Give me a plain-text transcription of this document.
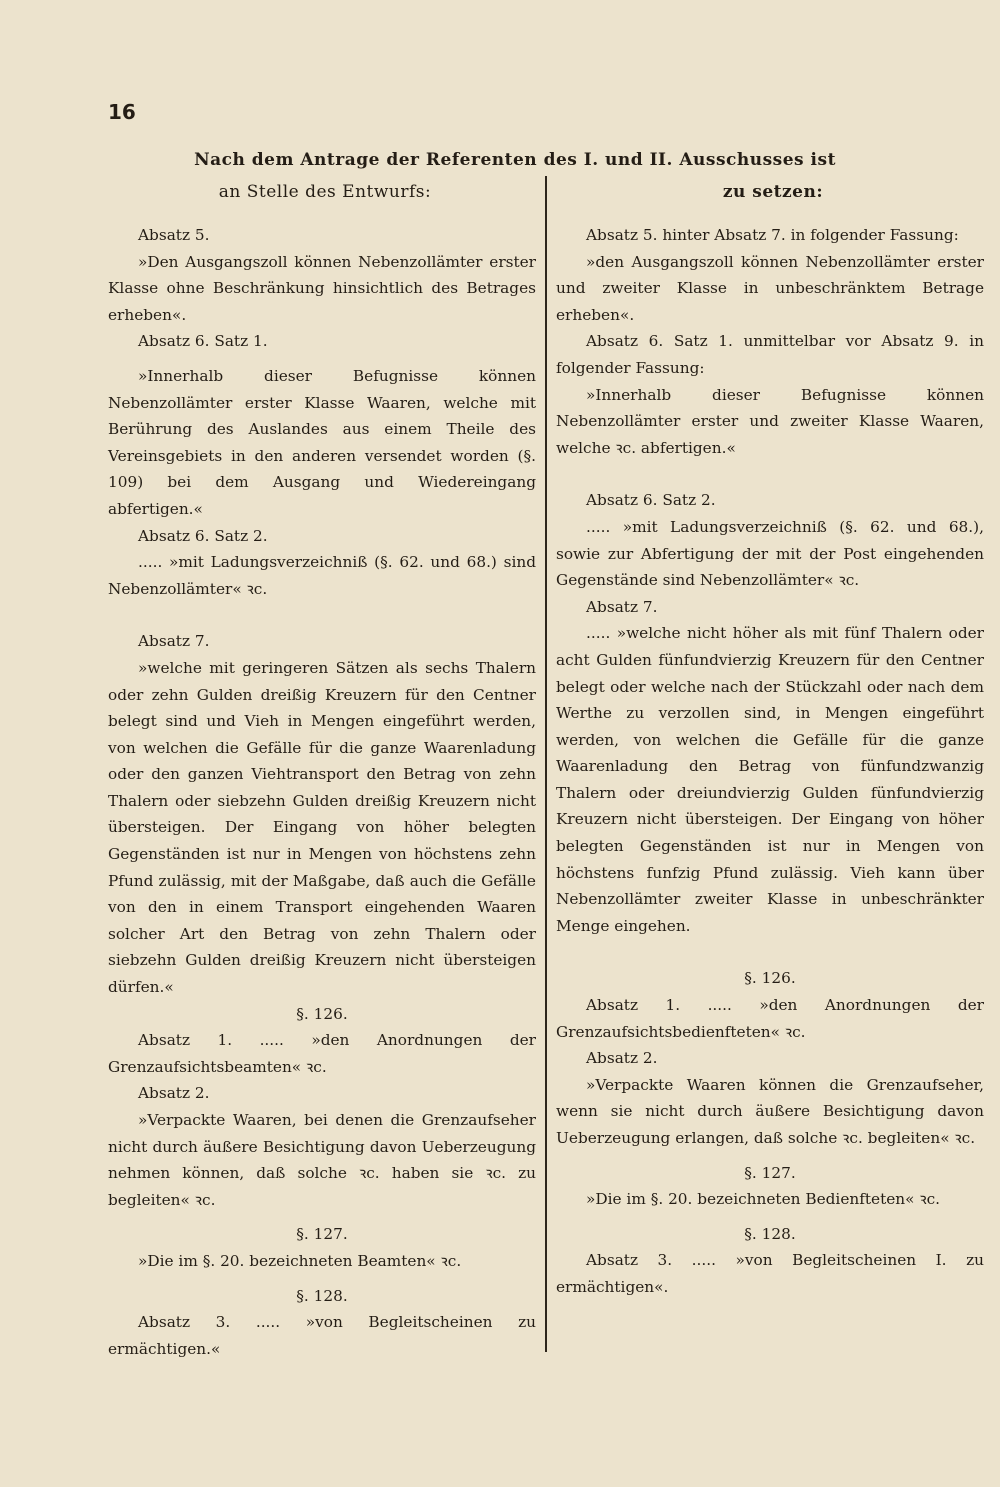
16
Nach dem Antrage der Referenten des I. und II. Ausschusses ist
an Stelle des Entwurfs:	zu setzen:

Absatz 5.

»Den Ausgangszoll können Nebenzollämter erster Klasse ohne Beschränkung hinsichtlich des Betrages erheben«.

Absatz 6. Satz 1.

»Innerhalb dieser Befugnisse können Nebenzollämter erster Klasse Waaren, welche mit Berührung des Auslandes aus einem Theile des Vereinsgebiets in den anderen versendet worden (§. 109) bei dem Ausgang und Wiedereingang abfertigen.«

Absatz 6. Satz 2.

..... »mit Ladungsverzeichniß (§. 62. und 68.) sind Nebenzollämter« ꝛc.

Absatz 7.

»welche mit geringeren Sätzen als sechs Thalern oder zehn Gulden dreißig Kreuzern für den Centner belegt sind und Vieh in Mengen eingeführt werden, von welchen die Gefälle für die ganze Waarenladung oder den ganzen Viehtransport den Betrag von zehn Thalern oder siebzehn Gulden dreißig Kreuzern nicht übersteigen. Der Eingang von höher belegten Gegenständen ist nur in Mengen von höchstens zehn Pfund zulässig, mit der Maßgabe, daß auch die Gefälle von den in einem Transport eingehenden Waaren solcher Art den Betrag von zehn Thalern oder siebzehn Gulden dreißig Kreuzern nicht übersteigen dürfen.«

§. 126.

Absatz 1. ..... »den Anordnungen der Grenzaufsichtsbeamten« ꝛc.

Absatz 2.

»Verpackte Waaren, bei denen die Grenzaufseher nicht durch äußere Besichtigung davon Ueberzeugung nehmen können, daß solche ꝛc. haben sie ꝛc. zu begleiten« ꝛc.

§. 127.

»Die im §. 20. bezeichneten Beamten« ꝛc.

§. 128.

Absatz 3. ..... »von Begleitscheinen zu ermächtigen.«

Absatz 5. hinter Absatz 7. in folgender Fassung:

»den Ausgangszoll können Nebenzollämter erster und zweiter Klasse in unbeschränktem Betrage erheben«.

Absatz 6. Satz 1. unmittelbar vor Absatz 9. in folgender Fassung:

»Innerhalb dieser Befugnisse können Nebenzollämter erster und zweiter Klasse Waaren, welche ꝛc. abfertigen.«

Absatz 6. Satz 2.

..... »mit Ladungsverzeichniß (§. 62. und 68.), sowie zur Abfertigung der mit der Post eingehenden Gegenstände sind Nebenzollämter« ꝛc.

Absatz 7.

..... »welche nicht höher als mit fünf Thalern oder acht Gulden fünfundvierzig Kreuzern für den Centner belegt oder welche nach der Stückzahl oder nach dem Werthe zu verzollen sind, in Mengen eingeführt werden, von welchen die Gefälle für die ganze Waarenladung den Betrag von fünfundzwanzig Thalern oder dreiundvierzig Gulden fünfundvierzig Kreuzern nicht übersteigen. Der Eingang von höher belegten Gegenständen ist nur in Mengen von höchstens funfzig Pfund zulässig. Vieh kann über Nebenzollämter zweiter Klasse in unbeschränkter Menge eingehen.

§. 126.

Absatz 1. ..... »den Anordnungen der Grenzaufsichtsbedienfteten« ꝛc.

Absatz 2.

»Verpackte Waaren können die Grenzaufseher, wenn sie nicht durch äußere Besichtigung davon Ueberzeugung erlangen, daß solche ꝛc. begleiten« ꝛc.

§. 127.

»Die im §. 20. bezeichneten Bedienfteten« ꝛc.

§. 128.

Absatz 3. ..... »von Begleitscheinen I. zu ermächtigen«.
